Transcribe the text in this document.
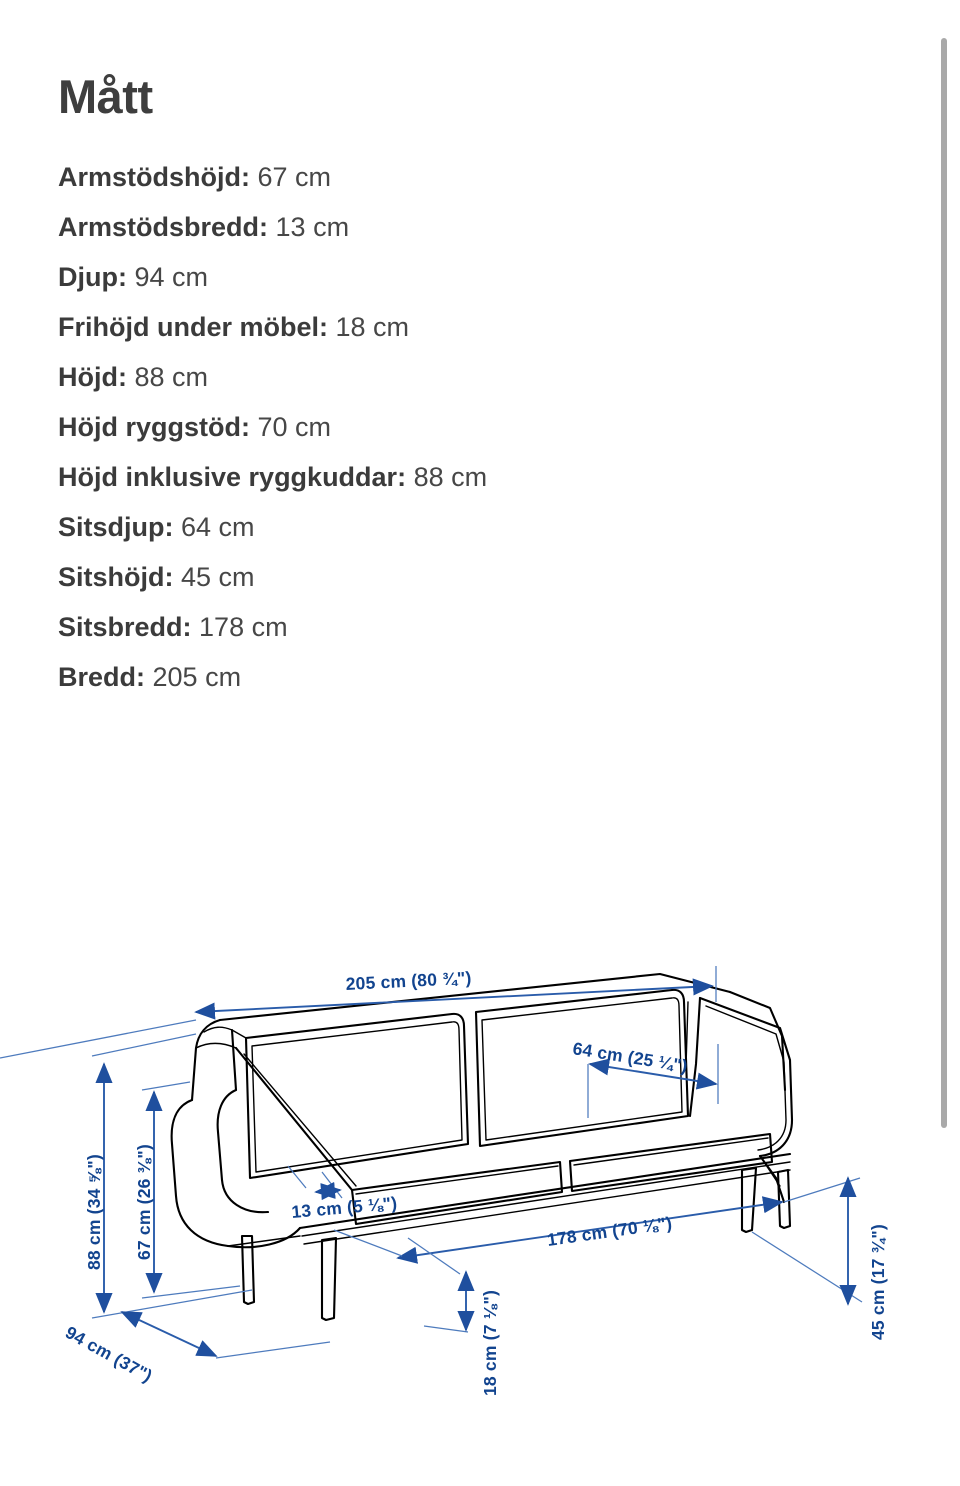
Mått
Armstödshöjd: 67 cm
Armstödsbredd: 13 cm
Djup: 94 cm
Frihöjd under möbel: 18 cm
Höjd: 88 cm
Höjd ryggstöd: 70 cm
Höjd inklusive ryggkuddar: 88 cm
Sitsdjup: 64 cm
Sitshöjd: 45 cm
Sitsbredd: 178 cm
Bredd: 205 cm
205 cm (80 ¾")
64 cm (25 ¼")
88 cm (34 ⅝") 67 cm (26 ⅜")
94 cm (37")
13 cm (5 ⅛")
178 cm (70 ⅛")
18 cm (7 ⅛")
45 cm (17 ¾")
